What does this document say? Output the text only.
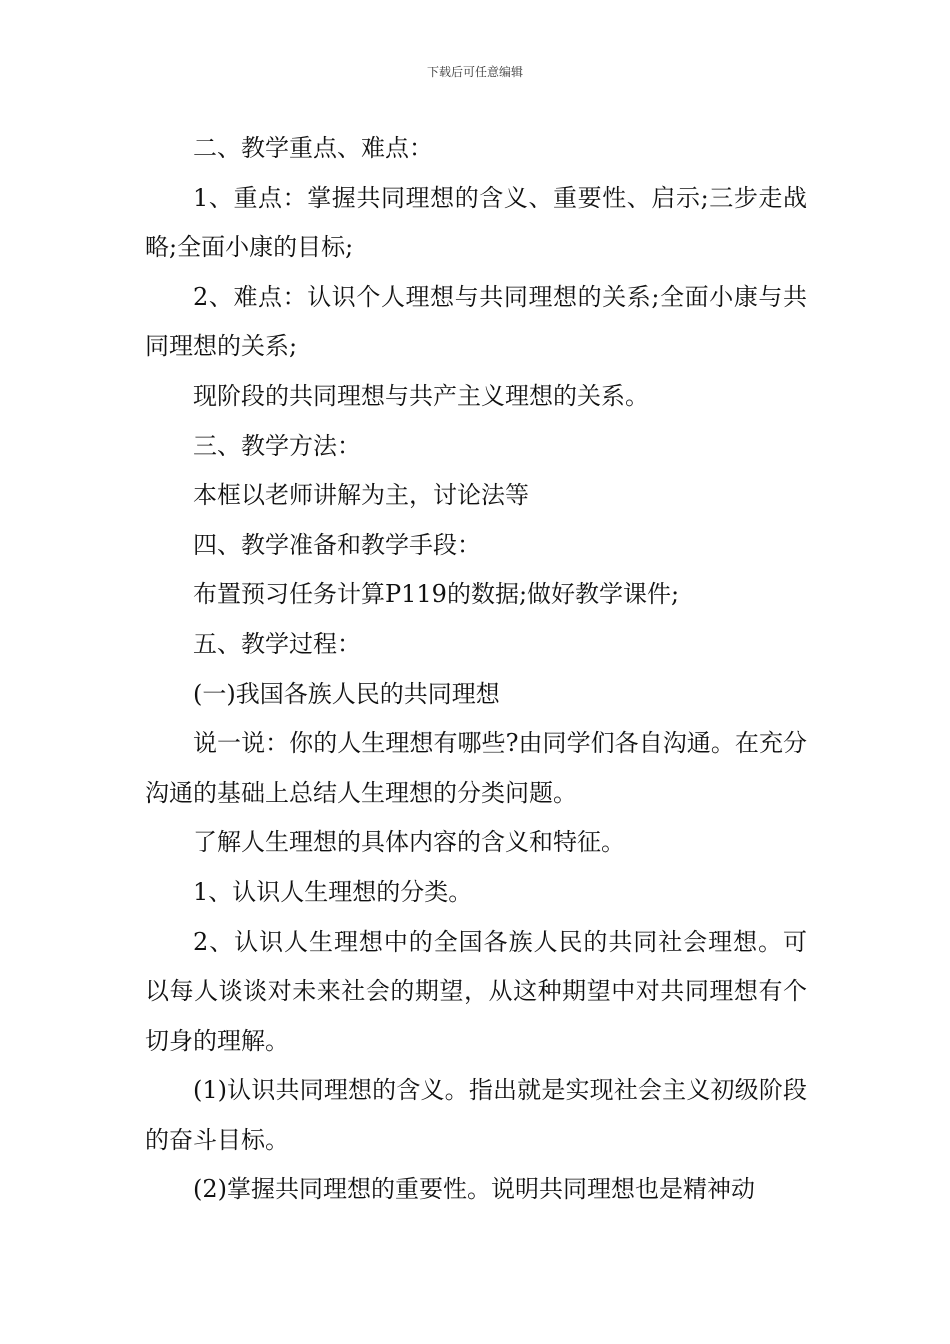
下载后可任意编辑

二、教学重点、难点：

1、重点：掌握共同理想的含义、重要性、启示;三步走战略;全面小康的目标;

2、难点：认识个人理想与共同理想的关系;全面小康与共同理想的关系;

现阶段的共同理想与共产主义理想的关系。

三、教学方法：

本框以老师讲解为主，讨论法等

四、教学准备和教学手段：

布置预习任务计算P119的数据;做好教学课件;

五、教学过程：

(一)我国各族人民的共同理想

说一说：你的人生理想有哪些?由同学们各自沟通。在充分沟通的基础上总结人生理想的分类问题。

了解人生理想的具体内容的含义和特征。

1、认识人生理想的分类。

2、认识人生理想中的全国各族人民的共同社会理想。可以每人谈谈对未来社会的期望，从这种期望中对共同理想有个切身的理解。

(1)认识共同理想的含义。指出就是实现社会主义初级阶段的奋斗目标。

(2)掌握共同理想的重要性。说明共同理想也是精神动
